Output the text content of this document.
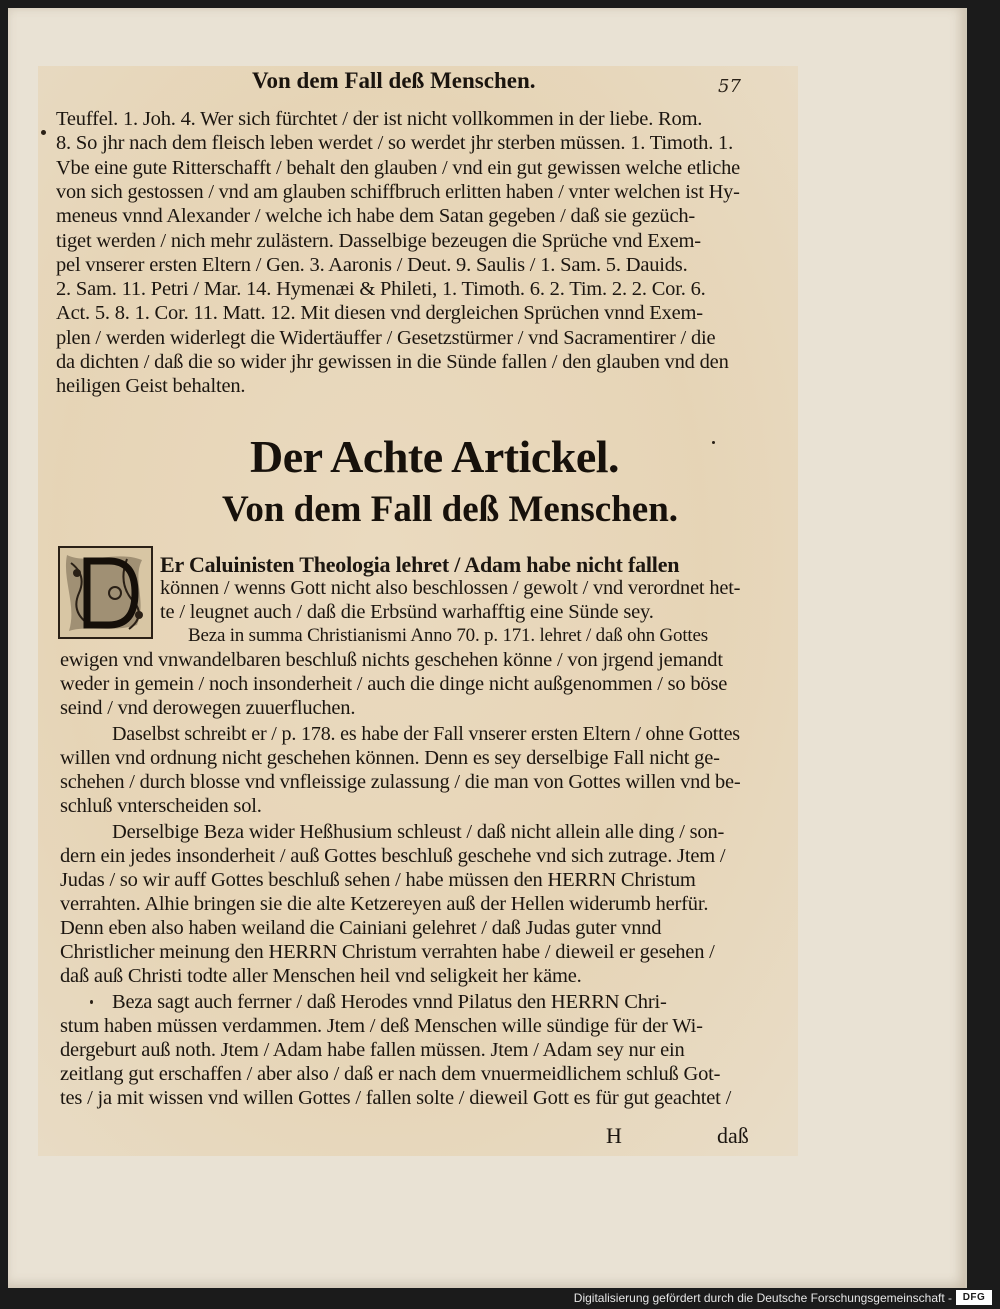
Von dem Fall deß Menschen.	57
Teuffel. 1. Joh. 4. Wer sich fürchtet / der ist nicht vollkommen in der liebe. Rom.
8. So jhr nach dem fleisch leben werdet / so werdet jhr sterben müssen. 1. Timoth. 1.
Vbe eine gute Ritterschafft / behalt den glauben / vnd ein gut gewissen welche etliche
von sich gestossen / vnd am glauben schiffbruch erlitten haben / vnter welchen ist Hy-
meneus vnnd Alexander / welche ich habe dem Satan gegeben / daß sie gezüch-
tiget werden / nich mehr zulästern. Dasselbige bezeugen die Sprüche vnd Exem-
pel vnserer ersten Eltern / Gen. 3. Aaronis / Deut. 9. Saulis / 1. Sam. 5. Dauids.
2. Sam. 11. Petri / Mar. 14. Hymenæi & Phileti, 1. Timoth. 6. 2. Tim. 2. 2. Cor. 6.
Act. 5. 8. 1. Cor. 11. Matt. 12. Mit diesen vnd dergleichen Sprüchen vnnd Exem-
plen / werden widerlegt die Widertäuffer / Gesetzstürmer / vnd Sacramentirer / die
da dichten / daß die so wider jhr gewissen in die Sünde fallen / den glauben vnd den
heiligen Geist behalten.
Der Achte Artickel.
Von dem Fall deß Menschen.
Er Caluinisten Theologia lehret / Adam habe nicht fallen
können / wenns Gott nicht also beschlossen / gewolt / vnd verordnet het-
te / leugnet auch / daß die Erbsünd warhafftig eine Sünde sey.
Beza in summa Christianismi Anno 70. p. 171. lehret / daß ohn Gottes
ewigen vnd vnwandelbaren beschluß nichts geschehen könne / von jrgend jemandt
weder in gemein / noch insonderheit / auch die dinge nicht außgenommen / so böse
seind / vnd derowegen zuuerfluchen.
Daselbst schreibt er / p. 178. es habe der Fall vnserer ersten Eltern / ohne Gottes
willen vnd ordnung nicht geschehen können. Denn es sey derselbige Fall nicht ge-
schehen / durch blosse vnd vnfleissige zulassung / die man von Gottes willen vnd be-
schluß vnterscheiden sol.
Derselbige Beza wider Heßhusium schleust / daß nicht allein alle ding / son-
dern ein jedes insonderheit / auß Gottes beschluß geschehe vnd sich zutrage. Jtem /
Judas / so wir auff Gottes beschluß sehen / habe müssen den HERRN Christum
verrahten. Alhie bringen sie die alte Ketzereyen auß der Hellen widerumb herfür.
Denn eben also haben weiland die Cainiani gelehret / daß Judas guter vnnd
Christlicher meinung den HERRN Christum verrahten habe / dieweil er gesehen /
daß auß Christi todte aller Menschen heil vnd seligkeit her käme.
Beza sagt auch ferrner / daß Herodes vnnd Pilatus den HERRN Chri-
stum haben müssen verdammen. Jtem / deß Menschen wille sündige für der Wi-
dergeburt auß noth. Jtem / Adam habe fallen müssen. Jtem / Adam sey nur ein
zeitlang gut erschaffen / aber also / daß er nach dem vnuermeidlichem schluß Got-
tes / ja mit wissen vnd willen Gottes / fallen solte / dieweil Gott es für gut geachtet /
H	daß
Digitalisierung gefördert durch die Deutsche Forschungsgemeinschaft -	DFG
